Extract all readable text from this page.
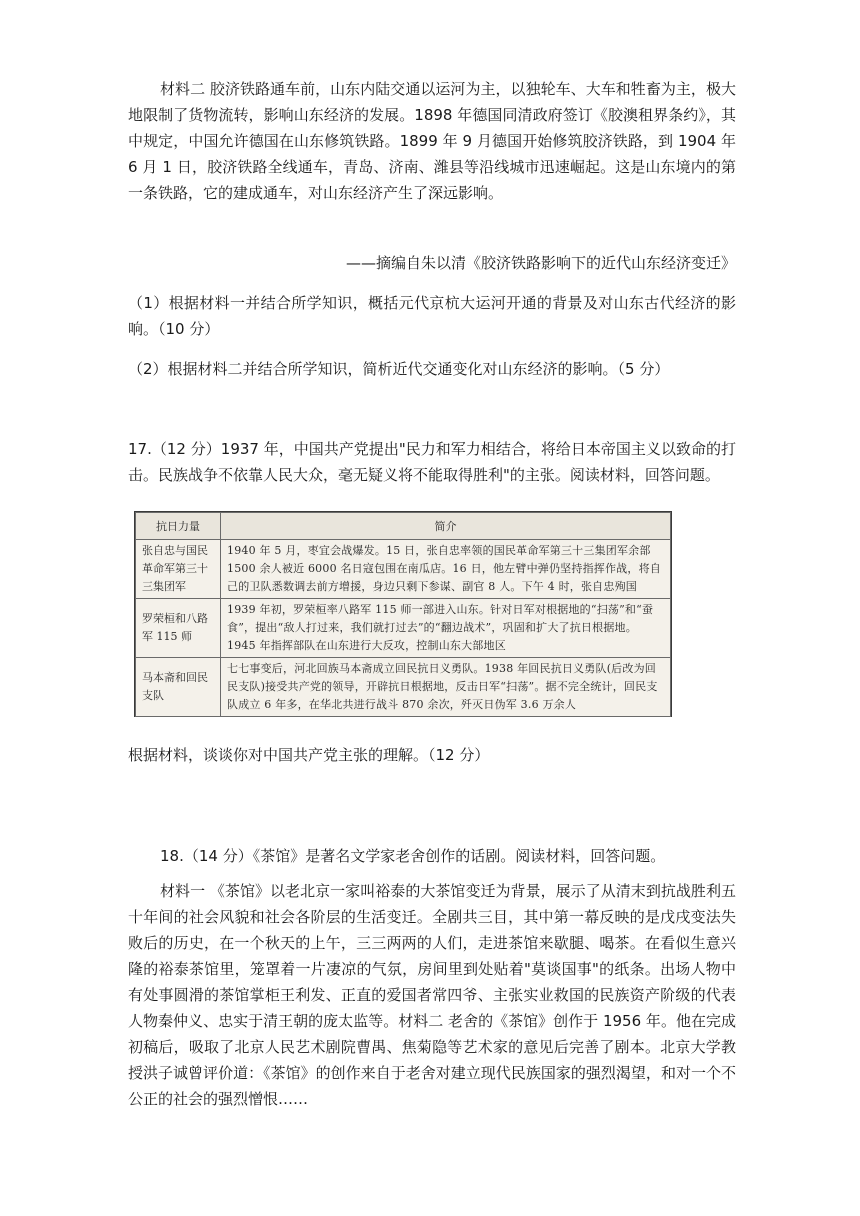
材料二 胶济铁路通车前，山东内陆交通以运河为主，以独轮车、大车和牲畜为主，极大地限制了货物流转，影响山东经济的发展。1898 年德国同清政府签订《胶澳租界条约》，其中规定，中国允许德国在山东修筑铁路。1899 年 9 月德国开始修筑胶济铁路，到 1904 年 6 月 1 日，胶济铁路全线通车，青岛、济南、潍县等沿线城市迅速崛起。这是山东境内的第一条铁路，它的建成通车，对山东经济产生了深远影响。

——摘编自朱以清《胶济铁路影响下的近代山东经济变迁》

（1）根据材料一并结合所学知识，概括元代京杭大运河开通的背景及对山东古代经济的影响。（10 分）

（2）根据材料二并结合所学知识，简析近代交通变化对山东经济的影响。（5 分）

17.（12 分）1937 年，中国共产党提出"民力和军力相结合，将给日本帝国主义以致命的打击。民族战争不依靠人民大众，毫无疑义将不能取得胜利"的主张。阅读材料，回答问题。

抗日力量	简介
张自忠与国民革命军第三十三集团军	1940 年 5 月，枣宜会战爆发。15 日，张自忠率领的国民革命军第三十三集团军余部 1500 余人被近 6000 名日寇包围在南瓜店。16 日，他左臂中弹仍坚持指挥作战，将自己的卫队悉数调去前方增援，身边只剩下参谋、副官 8 人。下午 4 时，张自忠殉国
罗荣桓和八路军 115 师	1939 年初，罗荣桓率八路军 115 师一部进入山东。针对日军对根据地的“扫荡”和“蚕食”，提出“敌人打过来，我们就打过去”的“翻边战术”，巩固和扩大了抗日根据地。1945 年指挥部队在山东进行大反攻，控制山东大部地区
马本斋和回民支队	七七事变后，河北回族马本斋成立回民抗日义勇队。1938 年回民抗日义勇队(后改为回民支队)接受共产党的领导，开辟抗日根据地，反击日军“扫荡”。据不完全统计，回民支队成立 6 年多，在华北共进行战斗 870 余次，歼灭日伪军 3.6 万余人

根据材料，谈谈你对中国共产党主张的理解。（12 分）

18.（14 分）《茶馆》是著名文学家老舍创作的话剧。阅读材料，回答问题。

材料一 《茶馆》以老北京一家叫裕泰的大茶馆变迁为背景，展示了从清末到抗战胜利五十年间的社会风貌和社会各阶层的生活变迁。全剧共三目，其中第一幕反映的是戊戌变法失败后的历史，在一个秋天的上午，三三两两的人们，走进茶馆来歇腿、喝茶。在看似生意兴隆的裕泰茶馆里，笼罩着一片凄凉的气氛，房间里到处贴着"莫谈国事"的纸条。出场人物中有处事圆滑的茶馆掌柜王利发、正直的爱国者常四爷、主张实业救国的民族资产阶级的代表人物秦仲义、忠实于清王朝的庞太监等。材料二 老舍的《茶馆》创作于 1956 年。他在完成初稿后，吸取了北京人民艺术剧院曹禺、焦菊隐等艺术家的意见后完善了剧本。北京大学教授洪子诚曾评价道：《茶馆》的创作来自于老舍对建立现代民族国家的强烈渴望，和对一个不公正的社会的强烈憎恨……
